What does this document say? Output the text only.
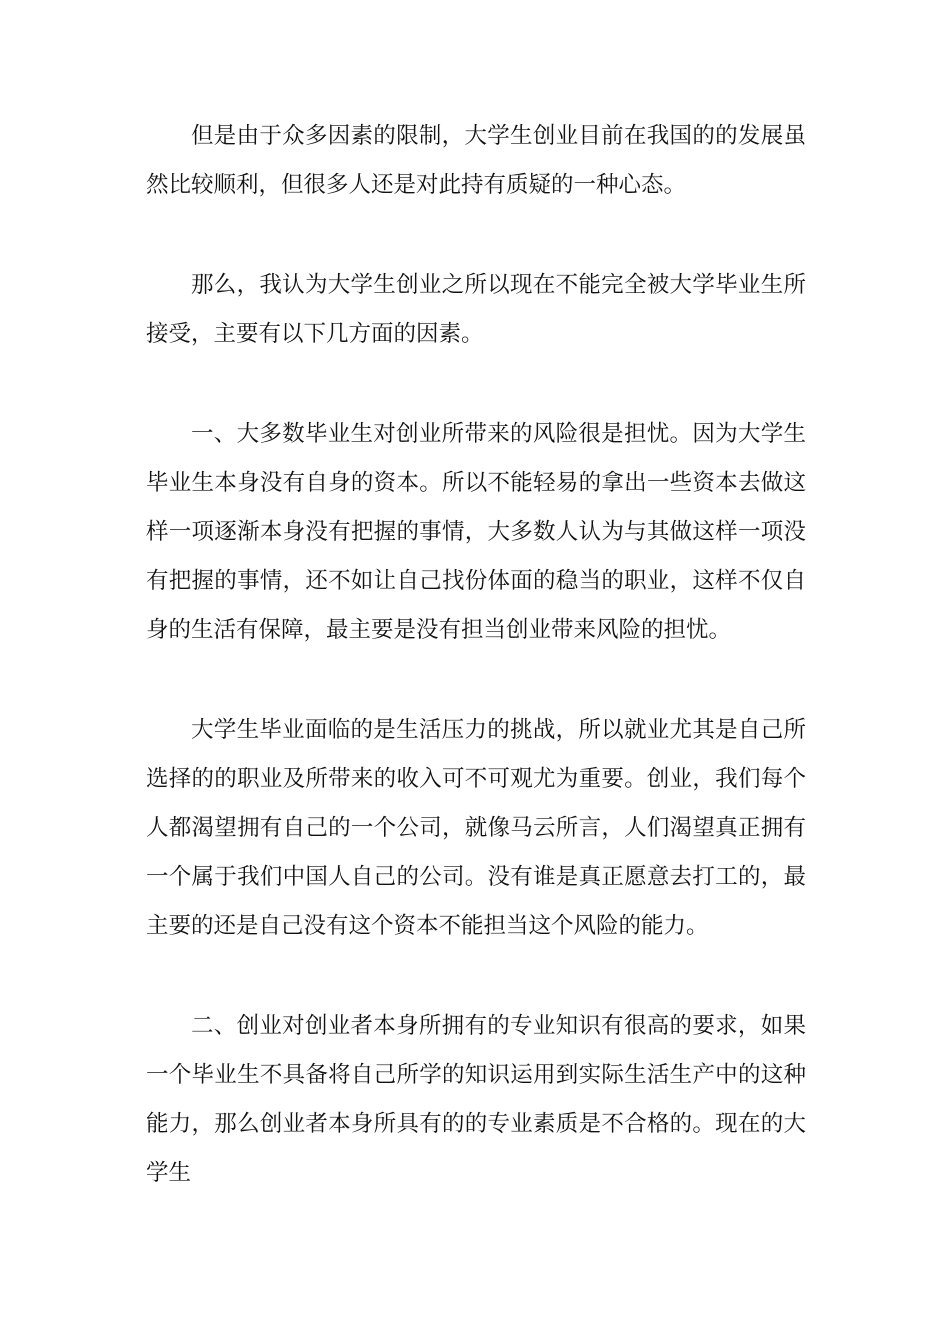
但是由于众多因素的限制，大学生创业目前在我国的的发展虽然比较顺利，但很多人还是对此持有质疑的一种心态。

那么，我认为大学生创业之所以现在不能完全被大学毕业生所接受，主要有以下几方面的因素。

一、大多数毕业生对创业所带来的风险很是担忧。因为大学生毕业生本身没有自身的资本。所以不能轻易的拿出一些资本去做这样一项逐渐本身没有把握的事情，大多数人认为与其做这样一项没有把握的事情，还不如让自己找份体面的稳当的职业，这样不仅自身的生活有保障，最主要是没有担当创业带来风险的担忧。

大学生毕业面临的是生活压力的挑战，所以就业尤其是自己所选择的的职业及所带来的收入可不可观尤为重要。创业，我们每个人都渴望拥有自己的一个公司，就像马云所言，人们渴望真正拥有一个属于我们中国人自己的公司。没有谁是真正愿意去打工的，最主要的还是自己没有这个资本不能担当这个风险的能力。

二、创业对创业者本身所拥有的专业知识有很高的要求，如果一个毕业生不具备将自己所学的知识运用到实际生活生产中的这种能力，那么创业者本身所具有的的专业素质是不合格的。现在的大学生
